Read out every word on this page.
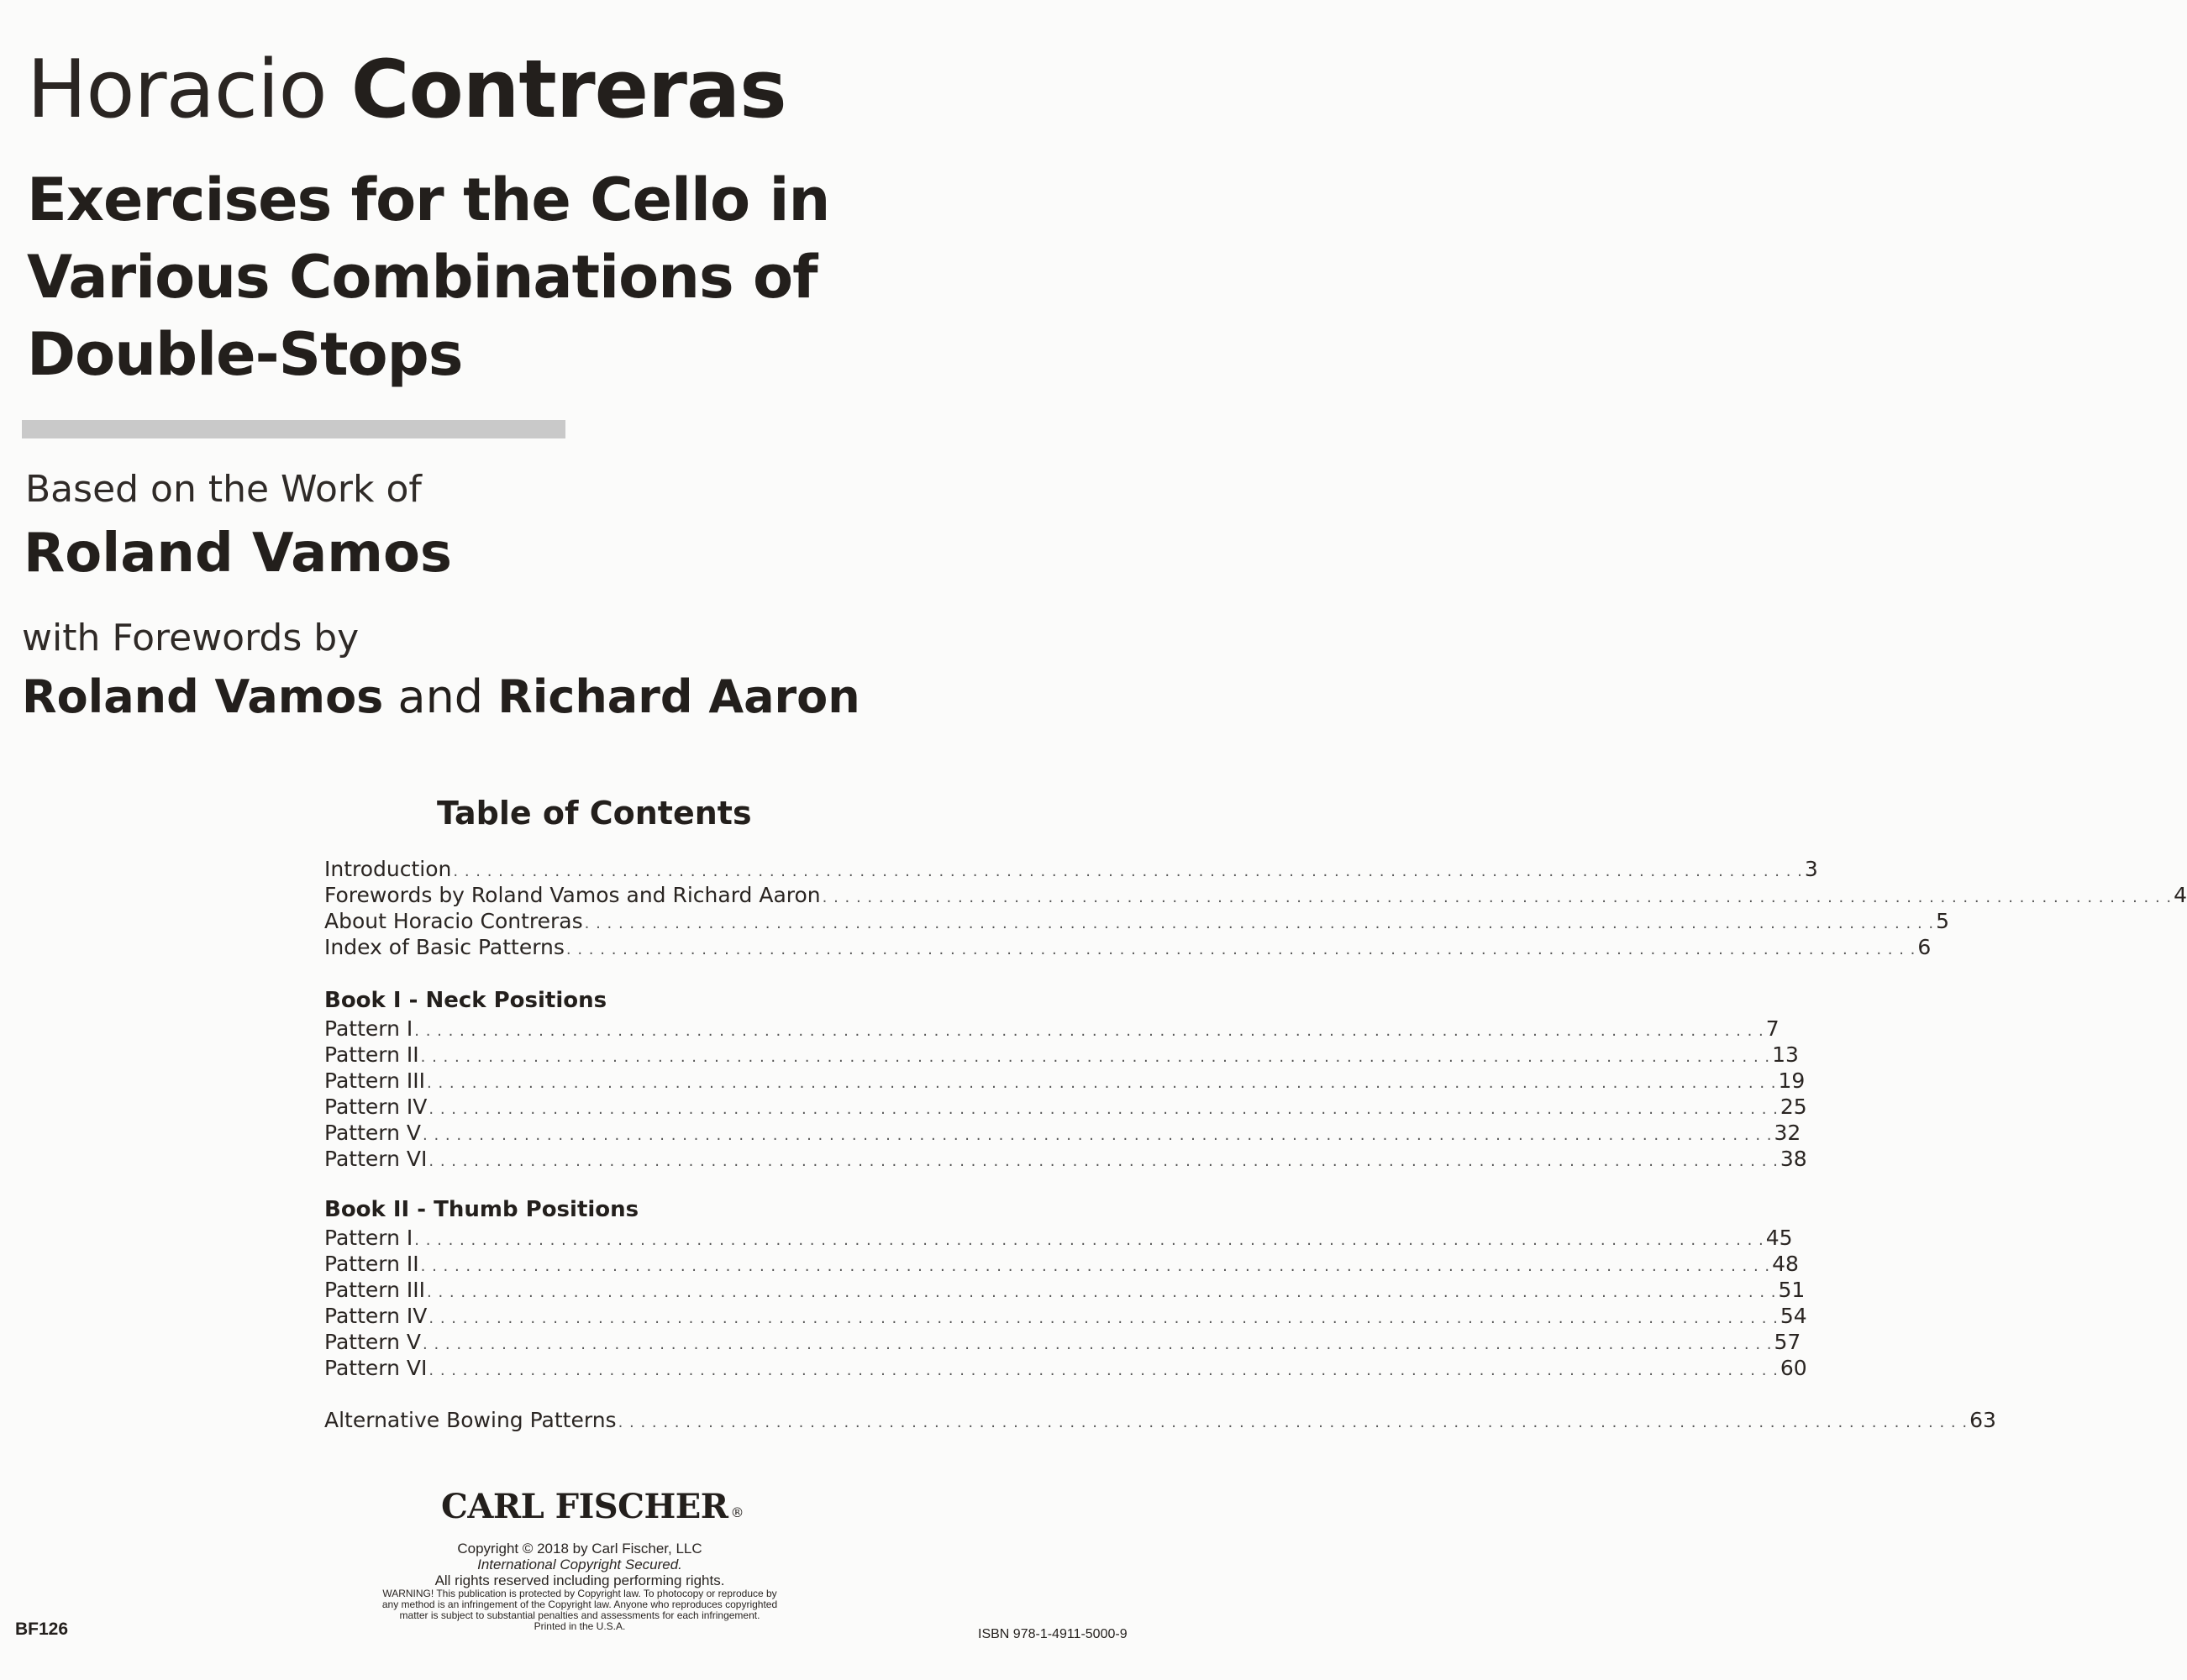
Horacio Contreras
Exercises for the Cello in
Various Combinations of
Double-Stops
Based on the Work of
Roland Vamos
with Forewords by
Roland Vamos and Richard Aaron
Table of Contents
Introduction . . . . . . . . . . . . . . . . . . . . . . . . . . . . . . . . . . . . . . . . . . . . . . . . . . . . . . . . . . . . . . . . . . . . . . . . . . . . . . . . . . . . . . . . . . . . . . . . . . . . . . . . . . . . . . . . . . . . . . . . 3
Forewords by Roland Vamos and Richard Aaron . . . . . . . . . . . . . . . . . . . . . . . . . . . . . . . . . . . . . . . . . . . . . . . . . . . . . . . . . . . . . . . . . . . . . . . . . . . . . . . . . . . . . . . . . . . . . . . . . . . . . . . . . . . . . . . . . . . . . . . . 4
About Horacio Contreras . . . . . . . . . . . . . . . . . . . . . . . . . . . . . . . . . . . . . . . . . . . . . . . . . . . . . . . . . . . . . . . . . . . . . . . . . . . . . . . . . . . . . . . . . . . . . . . . . . . . . . . . . . . . . . . . . . . . . . . . 5
Index of Basic Patterns . . . . . . . . . . . . . . . . . . . . . . . . . . . . . . . . . . . . . . . . . . . . . . . . . . . . . . . . . . . . . . . . . . . . . . . . . . . . . . . . . . . . . . . . . . . . . . . . . . . . . . . . . . . . . . . . . . . . . . . . 6
Book I - Neck Positions
Pattern I . . . . . . . . . . . . . . . . . . . . . . . . . . . . . . . . . . . . . . . . . . . . . . . . . . . . . . . . . . . . . . . . . . . . . . . . . . . . . . . . . . . . . . . . . . . . . . . . . . . . . . . . . . . . . . . . . . . . . . . . 7
Pattern II . . . . . . . . . . . . . . . . . . . . . . . . . . . . . . . . . . . . . . . . . . . . . . . . . . . . . . . . . . . . . . . . . . . . . . . . . . . . . . . . . . . . . . . . . . . . . . . . . . . . . . . . . . . . . . . . . . . . . . . . 13
Pattern III . . . . . . . . . . . . . . . . . . . . . . . . . . . . . . . . . . . . . . . . . . . . . . . . . . . . . . . . . . . . . . . . . . . . . . . . . . . . . . . . . . . . . . . . . . . . . . . . . . . . . . . . . . . . . . . . . . . . . . . . 19
Pattern IV . . . . . . . . . . . . . . . . . . . . . . . . . . . . . . . . . . . . . . . . . . . . . . . . . . . . . . . . . . . . . . . . . . . . . . . . . . . . . . . . . . . . . . . . . . . . . . . . . . . . . . . . . . . . . . . . . . . . . . . . 25
Pattern V . . . . . . . . . . . . . . . . . . . . . . . . . . . . . . . . . . . . . . . . . . . . . . . . . . . . . . . . . . . . . . . . . . . . . . . . . . . . . . . . . . . . . . . . . . . . . . . . . . . . . . . . . . . . . . . . . . . . . . . . 32
Pattern VI . . . . . . . . . . . . . . . . . . . . . . . . . . . . . . . . . . . . . . . . . . . . . . . . . . . . . . . . . . . . . . . . . . . . . . . . . . . . . . . . . . . . . . . . . . . . . . . . . . . . . . . . . . . . . . . . . . . . . . . . 38
Book II - Thumb Positions
Pattern I . . . . . . . . . . . . . . . . . . . . . . . . . . . . . . . . . . . . . . . . . . . . . . . . . . . . . . . . . . . . . . . . . . . . . . . . . . . . . . . . . . . . . . . . . . . . . . . . . . . . . . . . . . . . . . . . . . . . . . . . 45
Pattern II . . . . . . . . . . . . . . . . . . . . . . . . . . . . . . . . . . . . . . . . . . . . . . . . . . . . . . . . . . . . . . . . . . . . . . . . . . . . . . . . . . . . . . . . . . . . . . . . . . . . . . . . . . . . . . . . . . . . . . . . 48
Pattern III . . . . . . . . . . . . . . . . . . . . . . . . . . . . . . . . . . . . . . . . . . . . . . . . . . . . . . . . . . . . . . . . . . . . . . . . . . . . . . . . . . . . . . . . . . . . . . . . . . . . . . . . . . . . . . . . . . . . . . . . 51
Pattern IV . . . . . . . . . . . . . . . . . . . . . . . . . . . . . . . . . . . . . . . . . . . . . . . . . . . . . . . . . . . . . . . . . . . . . . . . . . . . . . . . . . . . . . . . . . . . . . . . . . . . . . . . . . . . . . . . . . . . . . . . 54
Pattern V . . . . . . . . . . . . . . . . . . . . . . . . . . . . . . . . . . . . . . . . . . . . . . . . . . . . . . . . . . . . . . . . . . . . . . . . . . . . . . . . . . . . . . . . . . . . . . . . . . . . . . . . . . . . . . . . . . . . . . . . 57
Pattern VI . . . . . . . . . . . . . . . . . . . . . . . . . . . . . . . . . . . . . . . . . . . . . . . . . . . . . . . . . . . . . . . . . . . . . . . . . . . . . . . . . . . . . . . . . . . . . . . . . . . . . . . . . . . . . . . . . . . . . . . . 60
Alternative Bowing Patterns . . . . . . . . . . . . . . . . . . . . . . . . . . . . . . . . . . . . . . . . . . . . . . . . . . . . . . . . . . . . . . . . . . . . . . . . . . . . . . . . . . . . . . . . . . . . . . . . . . . . . . . . . . . . . . . . . . . . . . . . 63
CARL FISCHER ®
Copyright © 2018 by Carl Fischer, LLC
International Copyright Secured.
All rights reserved including performing rights.
WARNING! This publication is protected by Copyright law. To photocopy or reproduce by
any method is an infringement of the Copyright law. Anyone who reproduces copyrighted
matter is subject to substantial penalties and assessments for each infringement.
Printed in the U.S.A.
BF126	ISBN 978-1-4911-5000-9
